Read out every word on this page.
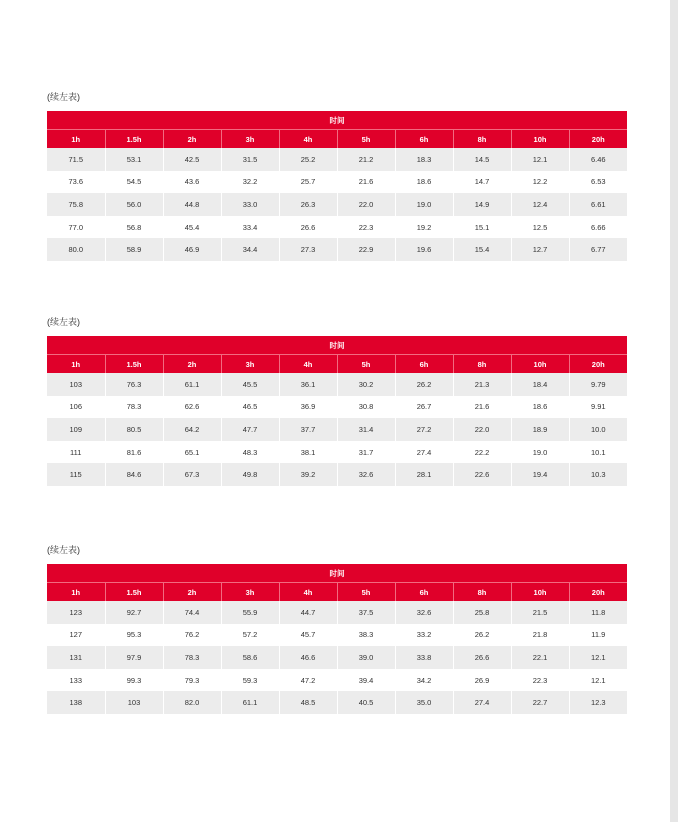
(续左表)
时间									
1h	1.5h	2h	3h	4h	5h	6h	8h	10h	20h
71.5	53.1	42.5	31.5	25.2	21.2	18.3	14.5	12.1	6.46
73.6	54.5	43.6	32.2	25.7	21.6	18.6	14.7	12.2	6.53
75.8	56.0	44.8	33.0	26.3	22.0	19.0	14.9	12.4	6.61
77.0	56.8	45.4	33.4	26.6	22.3	19.2	15.1	12.5	6.66
80.0	58.9	46.9	34.4	27.3	22.9	19.6	15.4	12.7	6.77
(续左表)
时间									
1h	1.5h	2h	3h	4h	5h	6h	8h	10h	20h
103	76.3	61.1	45.5	36.1	30.2	26.2	21.3	18.4	9.79
106	78.3	62.6	46.5	36.9	30.8	26.7	21.6	18.6	9.91
109	80.5	64.2	47.7	37.7	31.4	27.2	22.0	18.9	10.0
111	81.6	65.1	48.3	38.1	31.7	27.4	22.2	19.0	10.1
115	84.6	67.3	49.8	39.2	32.6	28.1	22.6	19.4	10.3
(续左表)
时间									
1h	1.5h	2h	3h	4h	5h	6h	8h	10h	20h
123	92.7	74.4	55.9	44.7	37.5	32.6	25.8	21.5	11.8
127	95.3	76.2	57.2	45.7	38.3	33.2	26.2	21.8	11.9
131	97.9	78.3	58.6	46.6	39.0	33.8	26.6	22.1	12.1
133	99.3	79.3	59.3	47.2	39.4	34.2	26.9	22.3	12.1
138	103	82.0	61.1	48.5	40.5	35.0	27.4	22.7	12.3
